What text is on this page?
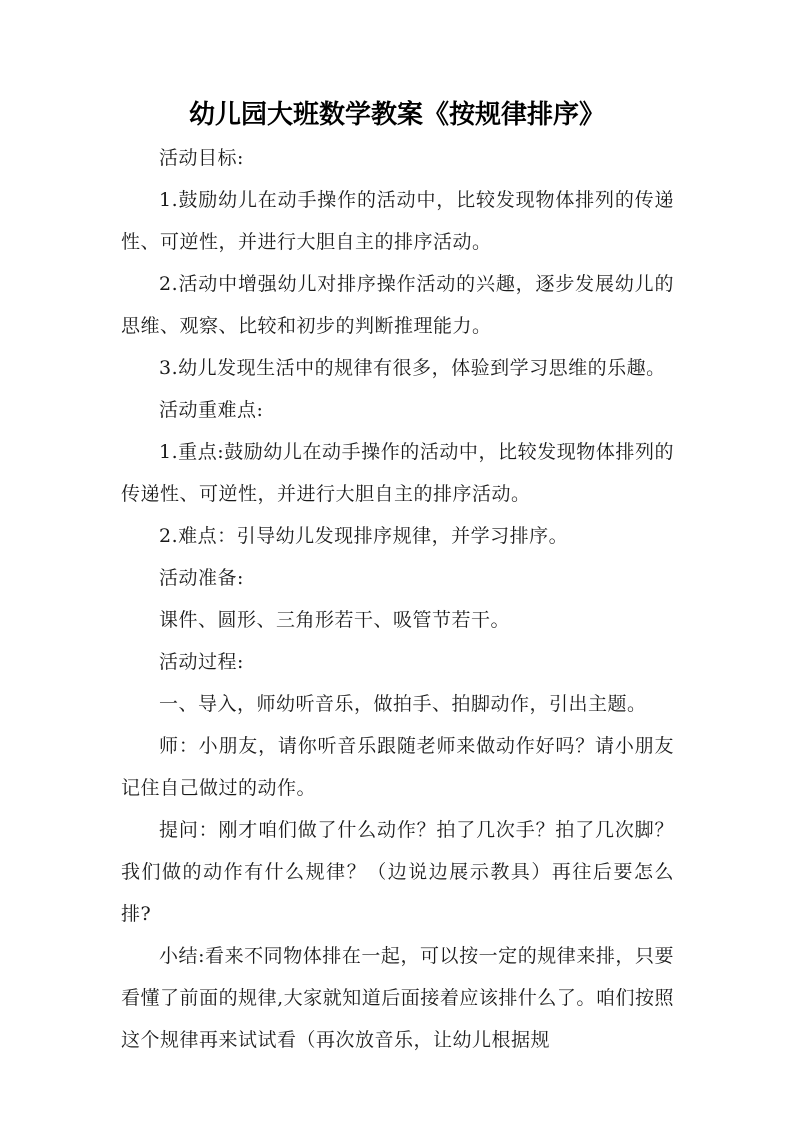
幼儿园大班数学教案《按规律排序》

活动目标:

1.鼓励幼儿在动手操作的活动中，比较发现物体排列的传递性、可逆性，并进行大胆自主的排序活动。

2.活动中增强幼儿对排序操作活动的兴趣，逐步发展幼儿的思维、观察、比较和初步的判断推理能力。

3.幼儿发现生活中的规律有很多，体验到学习思维的乐趣。

活动重难点:

1.重点:鼓励幼儿在动手操作的活动中，比较发现物体排列的传递性、可逆性，并进行大胆自主的排序活动。

2.难点：引导幼儿发现排序规律，并学习排序。

活动准备:

课件、圆形、三角形若干、吸管节若干。

活动过程:

一、导入，师幼听音乐，做拍手、拍脚动作，引出主题。

师：小朋友，请你听音乐跟随老师来做动作好吗？请小朋友记住自己做过的动作。

提问：刚才咱们做了什么动作？拍了几次手？拍了几次脚？我们做的动作有什么规律？（边说边展示教具）再往后要怎么排?

小结:看来不同物体排在一起，可以按一定的规律来排，只要看懂了前面的规律,大家就知道后面接着应该排什么了。咱们按照这个规律再来试试看（再次放音乐，让幼儿根据规
